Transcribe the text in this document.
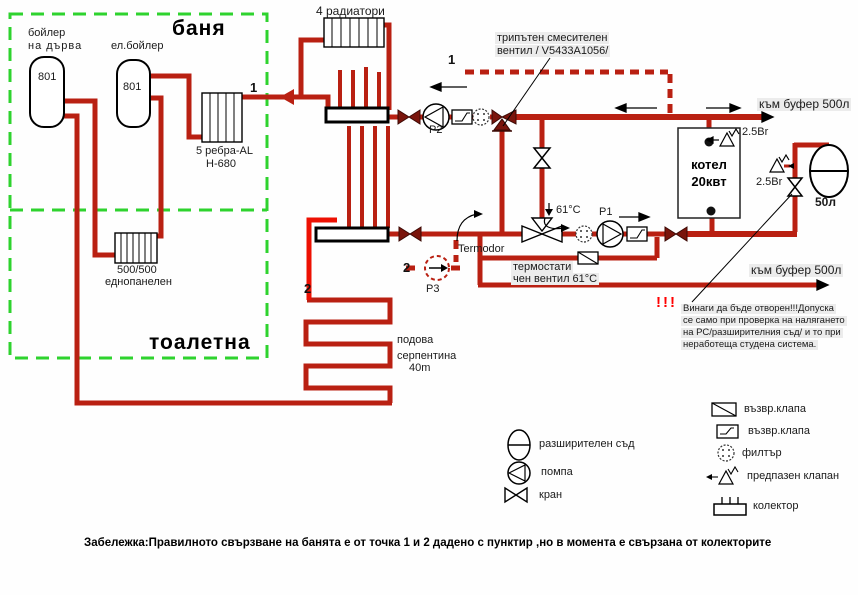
баня
бойлер
на дърва	ел.бойлер
801
801
5 ребра-AL
H-680
1
4 радиатори
1
трипътен смесителен
вентил / V5433A1056/
към буфер 500л
котел
20квт
2.5Br
2.5Br
50л
P2
P1
P3
Termodor
61°C
термостати
чен вентил 61°C
към буфер 500л
!!! Винаги да бъде отворен!!!Допуска
се само при проверка на налягането
на РС/разширителния съд/ и то при
неработеща студена система.
2
2
подова
серпентина
40m
500/500
еднопанелен
тоалетна
разширителен съд
помпа
кран
възвр.клапа
възвр.клапа
филтър
предпазен клапан
колектор
Забележка:Правилното свързване на банята е от точка 1 и 2 дадено с пунктир ,но в момента е свързана от колекторите
